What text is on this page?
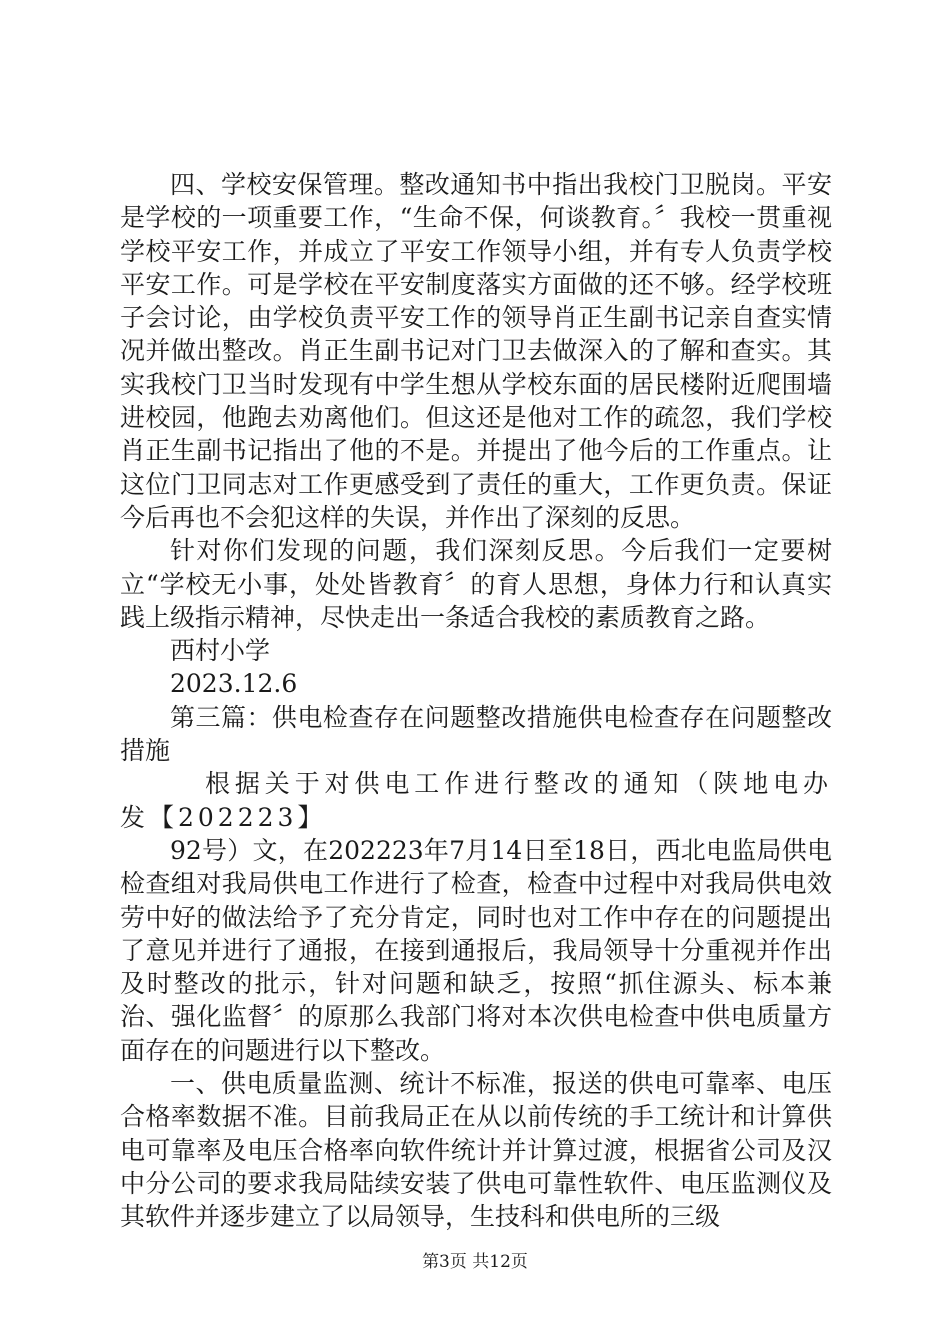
四、学校安保管理。整改通知书中指出我校门卫脱岗。平安是学校的一项重要工作，“生命不保，何谈教育。〞我校一贯重视学校平安工作，并成立了平安工作领导小组，并有专人负责学校平安工作。可是学校在平安制度落实方面做的还不够。经学校班子会讨论，由学校负责平安工作的领导肖正生副书记亲自查实情况并做出整改。肖正生副书记对门卫去做深入的了解和查实。其实我校门卫当时发现有中学生想从学校东面的居民楼附近爬围墙进校园，他跑去劝离他们。但这还是他对工作的疏忽，我们学校肖正生副书记指出了他的不是。并提出了他今后的工作重点。让这位门卫同志对工作更感受到了责任的重大，工作更负责。保证今后再也不会犯这样的失误，并作出了深刻的反思。

针对你们发现的问题，我们深刻反思。今后我们一定要树立“学校无小事，处处皆教育〞的育人思想，身体力行和认真实践上级指示精神，尽快走出一条适合我校的素质教育之路。

西村小学

2023.12.6

第三篇：供电检查存在问题整改措施供电检查存在问题整改措施

根据关于对供电工作进行整改的通知（陕地电办发【202223】

92号）文，在202223年7月14日至18日，西北电监局供电检查组对我局供电工作进行了检查，检查中过程中对我局供电效劳中好的做法给予了充分肯定，同时也对工作中存在的问题提出了意见并进行了通报，在接到通报后，我局领导十分重视并作出及时整改的批示，针对问题和缺乏，按照“抓住源头、标本兼治、强化监督〞的原那么我部门将对本次供电检查中供电质量方面存在的问题进行以下整改。

一、供电质量监测、统计不标准，报送的供电可靠率、电压合格率数据不准。目前我局正在从以前传统的手工统计和计算供电可靠率及电压合格率向软件统计并计算过渡，根据省公司及汉中分公司的要求我局陆续安装了供电可靠性软件、电压监测仪及其软件并逐步建立了以局领导，生技科和供电所的三级

第3页 共12页
